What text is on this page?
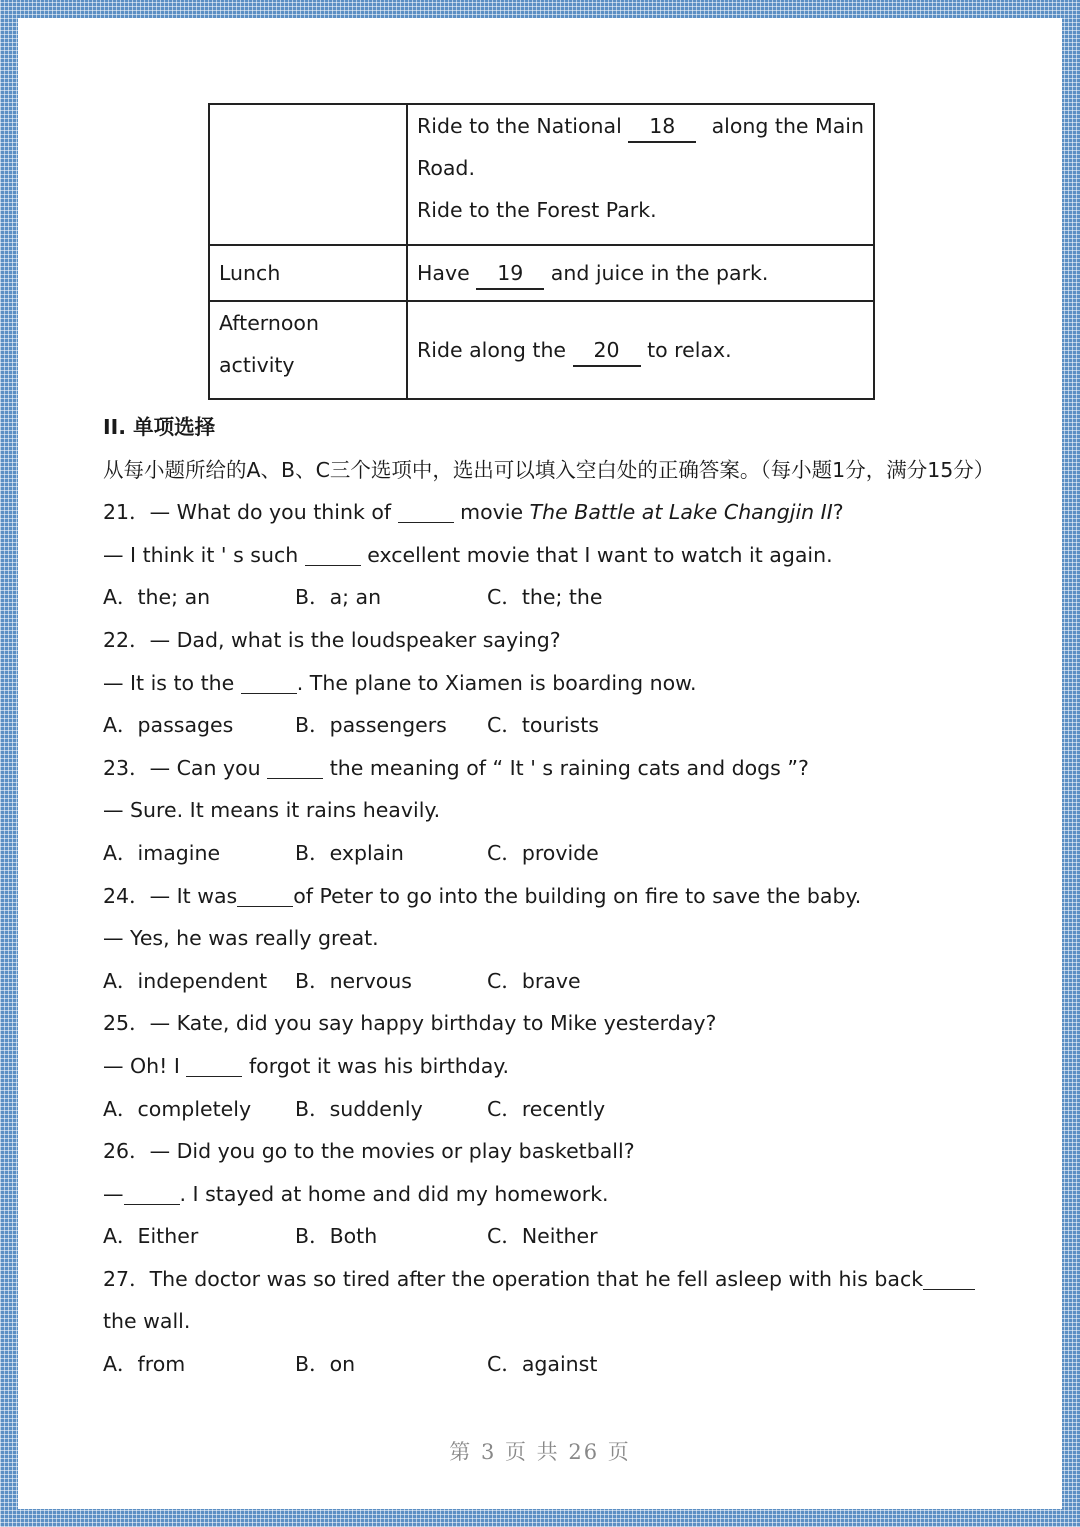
	Ride to the National 18 along the Main
Road.
Ride to the Forest Park.

Lunch	Have 19 and juice in the park.

Afternoon
activity	Ride along the 20 to relax.
II. 单项选择
从每小题所给的A、B、C三个选项中，选出可以填入空白处的正确答案。（每小题1分，满分15分）
21．— What do you think of	movie The Battle at Lake Changjin II?
— I think it ' s such	excellent movie that I want to watch it again.
A．the; an	B．a; an	C．the; the
22．— Dad, what is the loudspeaker saying?
— It is to the	. The plane to Xiamen is boarding now.
A．passages	B．passengers	C．tourists
23．— Can you	the meaning of “ It ' s raining cats and dogs ”?
— Sure. It means it rains heavily.
A．imagine	B．explain	C．provide
24．— It was	of Peter to go into the building on fire to save the baby.
— Yes, he was really great.
A．independent	B．nervous	C．brave
25．— Kate, did you say happy birthday to Mike yesterday?
— Oh! I	forgot it was his birthday.
A．completely	B．suddenly	C．recently
26．— Did you go to the movies or play basketball?
—	. I stayed at home and did my homework.
A．Either	B．Both	C．Neither
27．The doctor was so tired after the operation that he fell asleep with his backthe wall.
A．from	B．on	C．against
第 3 页 共 26 页
